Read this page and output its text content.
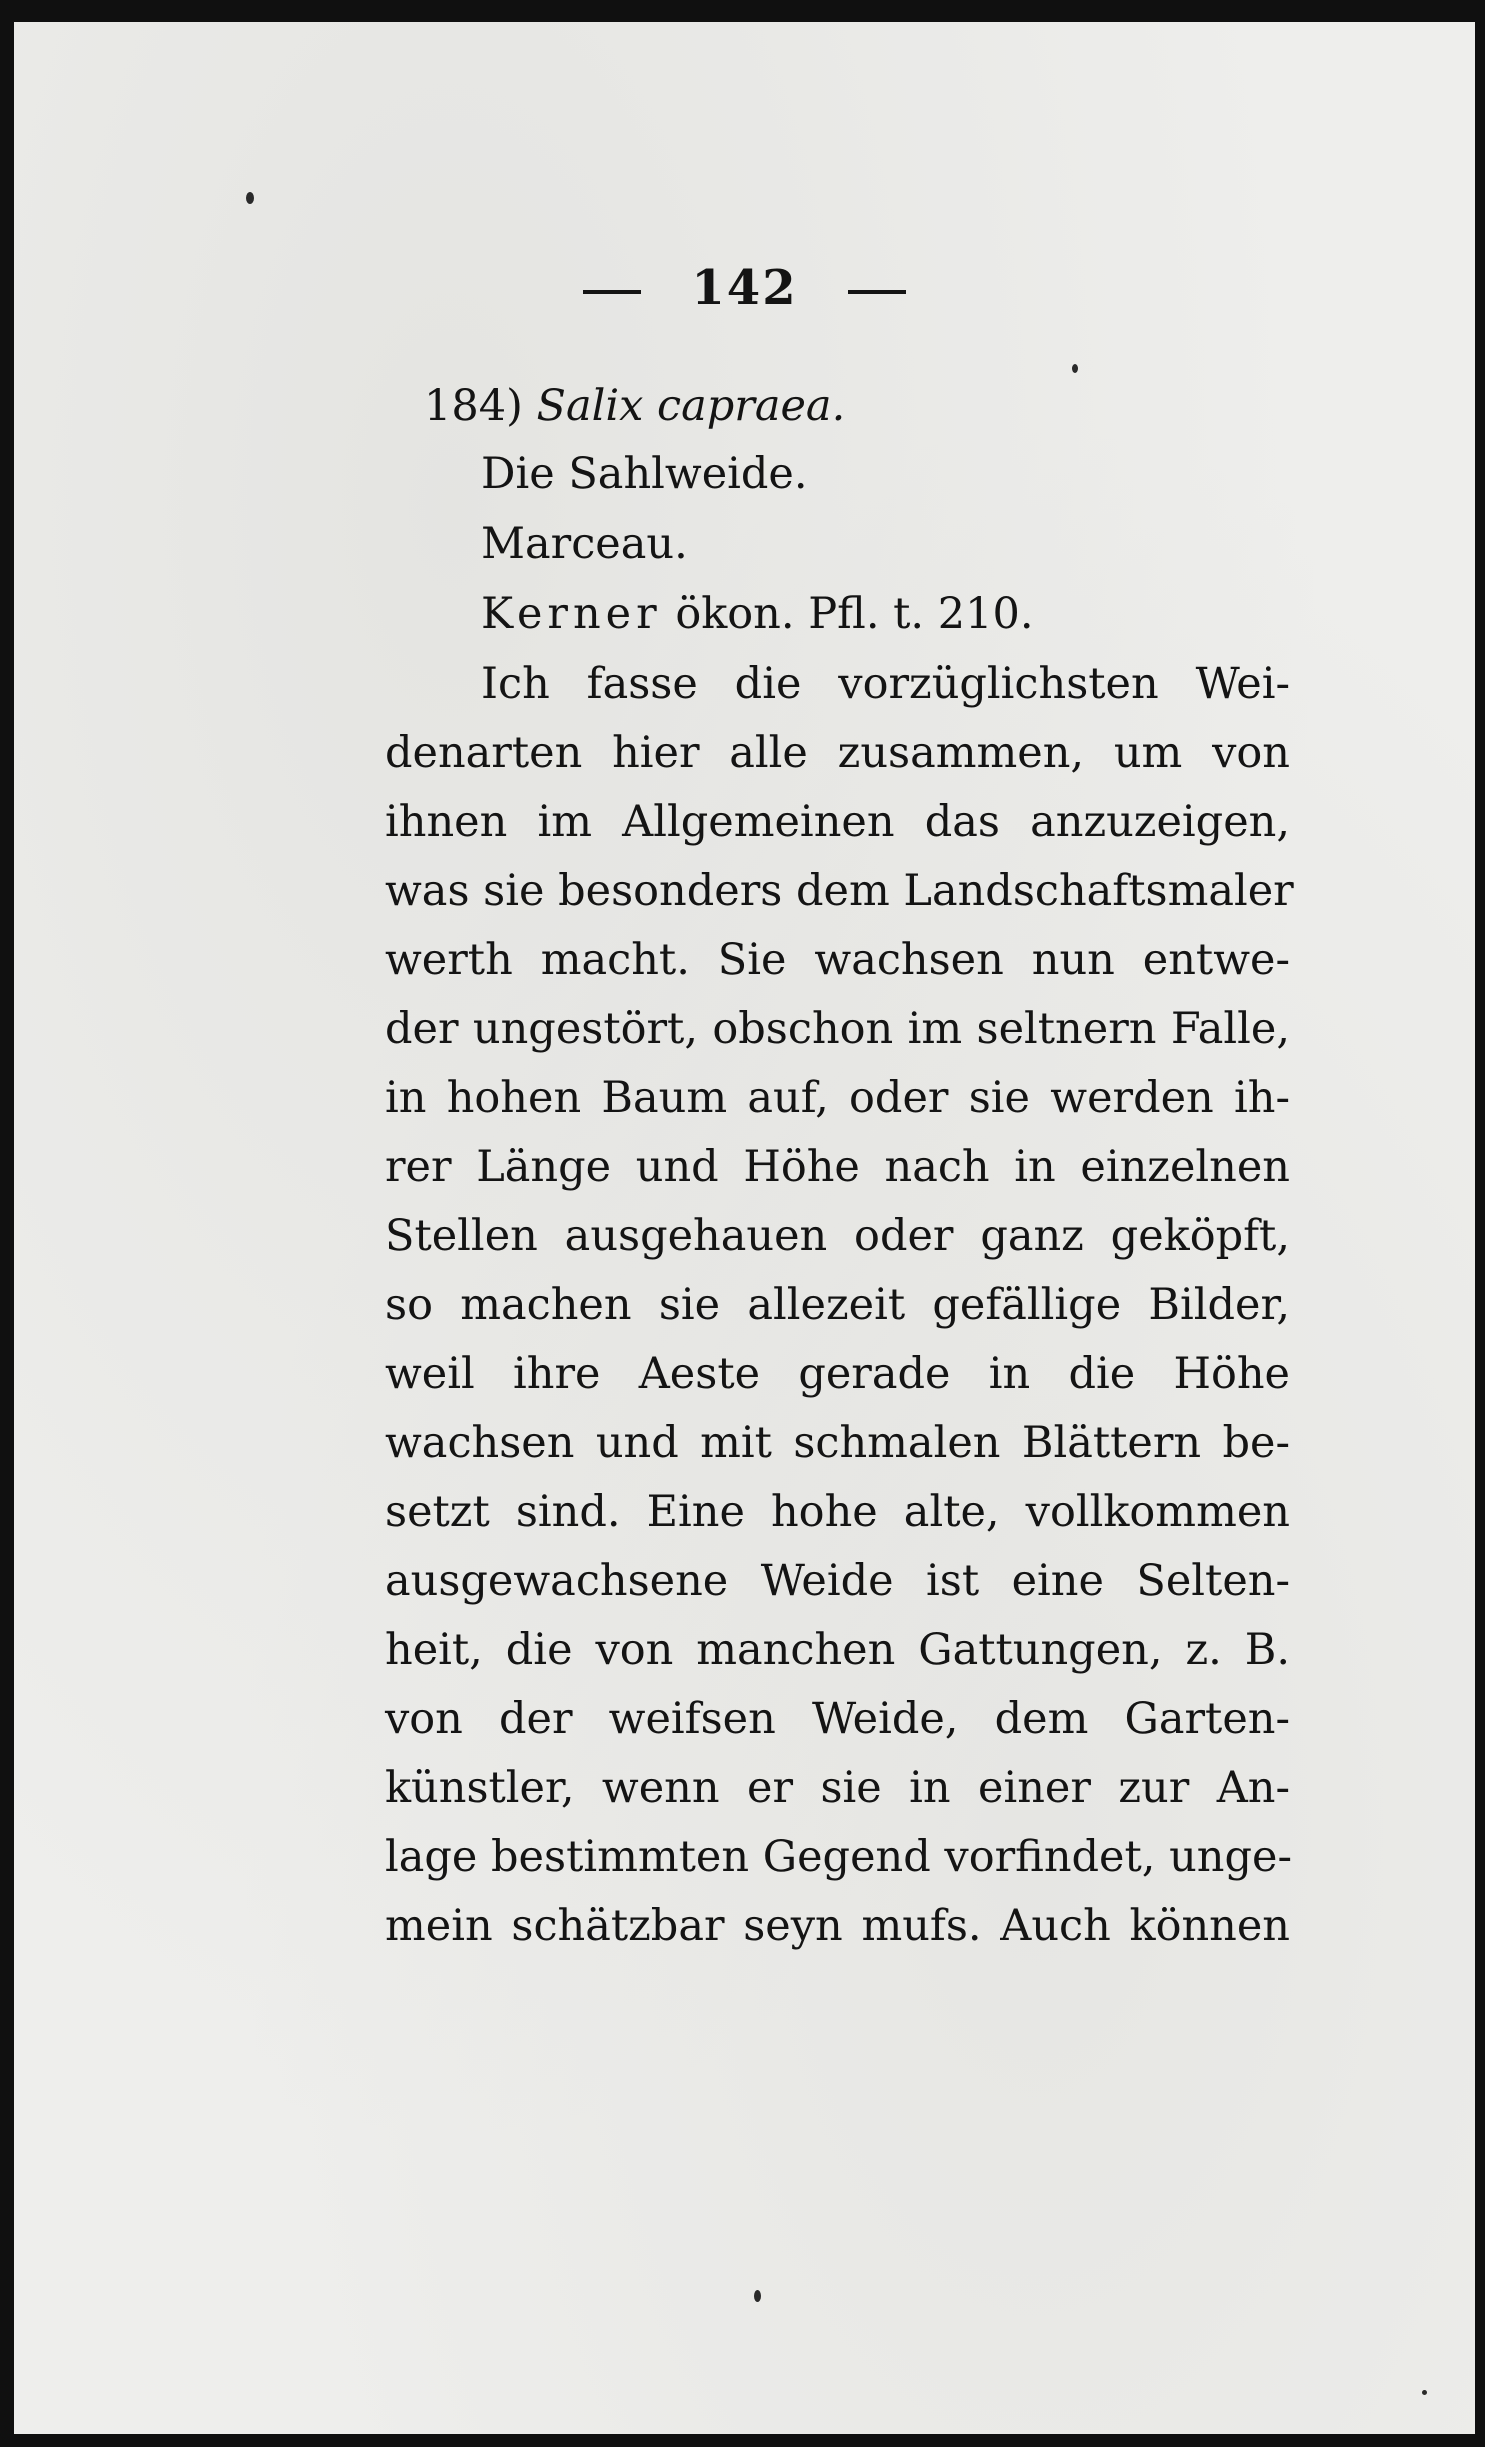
142
184) Salix capraea.
Die Sahlweide.
Marceau.
Kerner ökon. Pfl. t. 210.
Ich fasse die vorzüglichsten Wei-
denarten hier alle zusammen, um von
ihnen im Allgemeinen das anzuzeigen,
was sie besonders dem Landschaftsmaler
werth macht. Sie wachsen nun entwe-
der ungestört, obschon im seltnern Falle,
in hohen Baum auf, oder sie werden ih-
rer Länge und Höhe nach in einzelnen
Stellen ausgehauen oder ganz geköpft,
so machen sie allezeit gefällige Bilder,
weil ihre Aeste gerade in die Höhe
wachsen und mit schmalen Blättern be-
setzt sind. Eine hohe alte, vollkommen
ausgewachsene Weide ist eine Selten-
heit, die von manchen Gattungen, z. B.
von der weifsen Weide, dem Garten-
künstler, wenn er sie in einer zur An-
lage bestimmten Gegend vorfindet, unge-
mein schätzbar seyn mufs. Auch können
